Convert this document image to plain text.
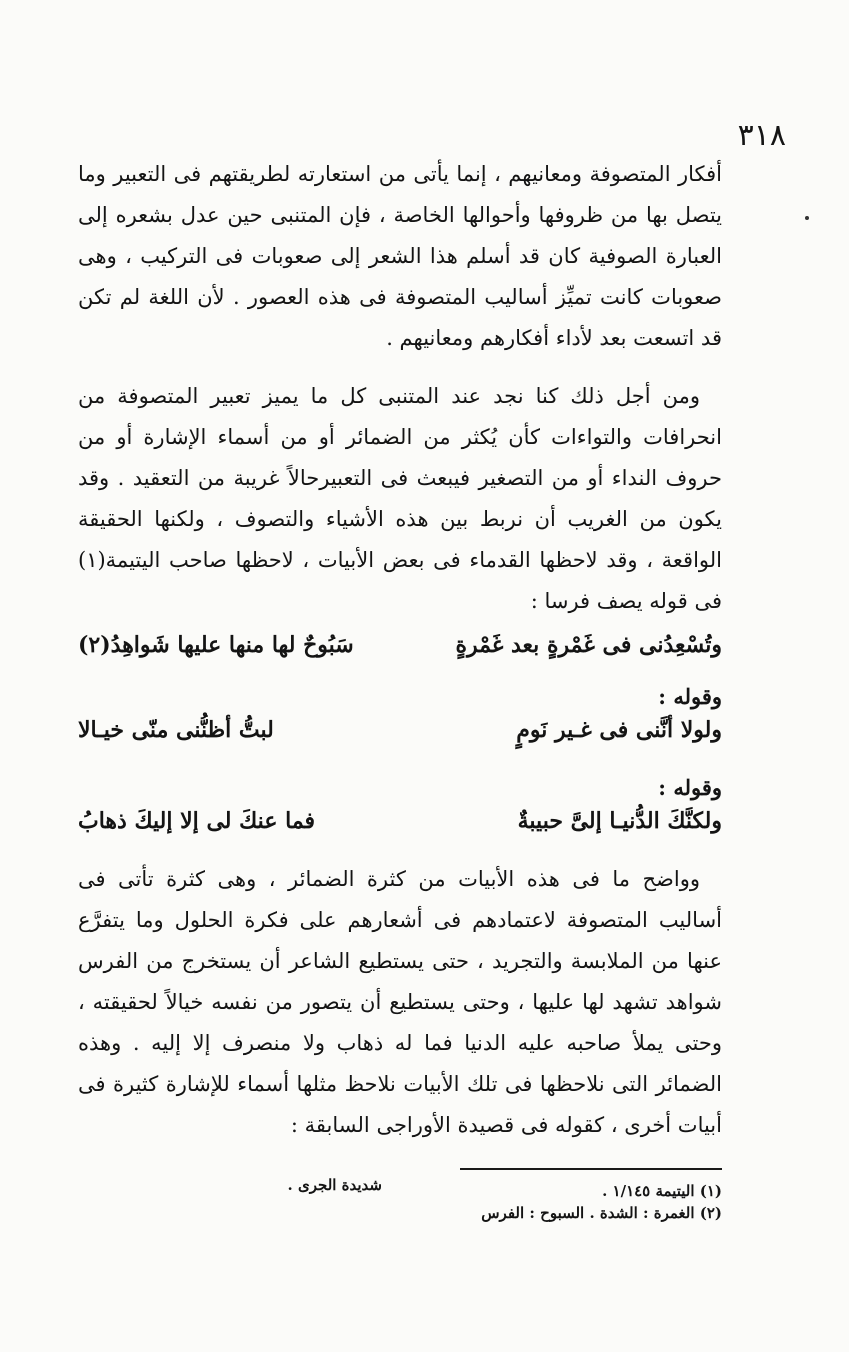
٣١٨

أفكار المتصوفة ومعانيهم ، إنما يأتى من استعارته لطريقتهم فى التعبير وما يتصل بها من ظروفها وأحوالها الخاصة ، فإن المتنبى حين عدل بشعره إلى العبارة الصوفية كان قد أسلم هذا الشعر إلى صعوبات فى التركيب ، وهى صعوبات كانت تميِّز أساليب المتصوفة فى هذه العصور . لأن اللغة لم تكن قد اتسعت بعد لأداء أفكارهم ومعانيهم .

ومن أجل ذلك كنا نجد عند المتنبى كل ما يميز تعبير المتصوفة من انحرافات والتواءات كأن يُكثر من الضمائر أو من أسماء الإشارة أو من حروف النداء أو من التصغير فيبعث فى التعبيرحالاً غريبة من التعقيد . وقد يكون من الغريب أن نربط بين هذه الأشياء والتصوف ، ولكنها الحقيقة الواقعة ، وقد لاحظها القدماء فى بعض الأبيات ، لاحظها صاحب اليتيمة(١) فى قوله يصف فرسا :

وتُسْعِدُنى فى غَمْرةٍ بعد غَمْرةٍ
سَبُوحٌ لها منها عليها شَواهِدُ(٢)
وقوله :
ولولا أنَّنى فى غـير نَومٍ
لبتُّ أظنُّنى منّى خيـالا
وقوله :
ولكنَّكَ الدُّنيـا إلىَّ حبيبةٌ
فما عنكَ لى إلا إليكَ ذهابُ

وواضح ما فى هذه الأبيات من كثرة الضمائر ، وهى كثرة تأتى فى أساليب المتصوفة لاعتمادهم فى أشعارهم على فكرة الحلول وما يتفرَّع عنها من الملابسة والتجريد ، حتى يستطيع الشاعر أن يستخرج من الفرس شواهد تشهد لها عليها ، وحتى يستطيع أن يتصور من نفسه خيالاً لحقيقته ، وحتى يملأ صاحبه عليه الدنيا فما له ذهاب ولا منصرف إلا إليه . وهذه الضمائر التى نلاحظها فى تلك الأبيات نلاحظ مثلها أسماء للإشارة كثيرة فى أبيات أخرى ، كقوله فى قصيدة الأوراجى السابقة :

شديدة الجرى .	(١) اليتيمة ١/١٤٥ .
(٢) الغمرة : الشدة . السبوح : الفرس
